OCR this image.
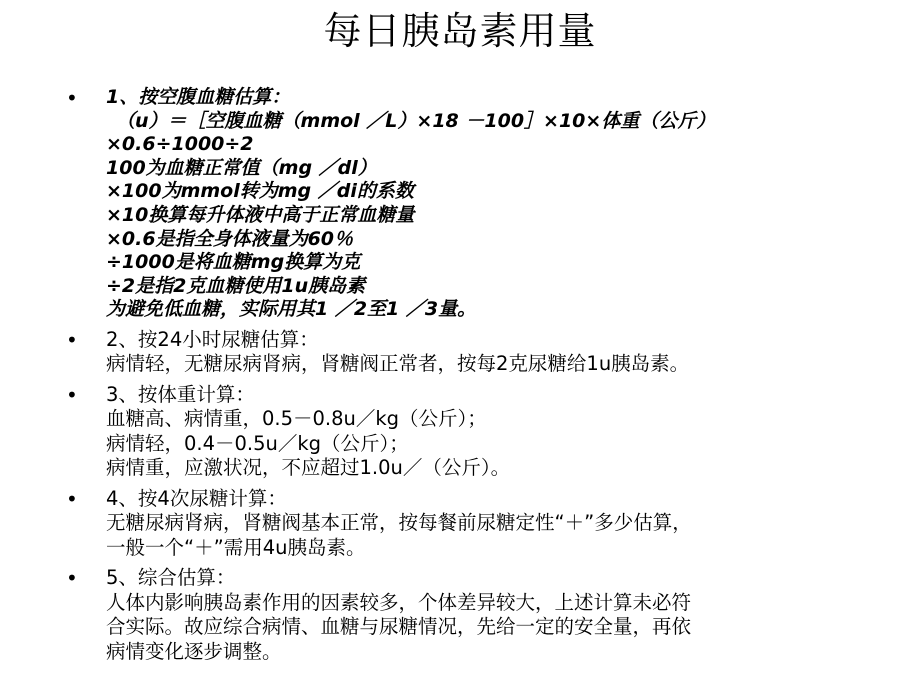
每日胰岛素用量
• 1、按空腹血糖估算：
（u）＝［空腹血糖（mmol ／L）×18 －100］×10×体重（公斤）
×0.6÷1000÷2
100为血糖正常值（mg ／dl）
×100为mmol转为mg ／di的系数
×10换算每升体液中高于正常血糖量
×0.6是指全身体液量为60％
÷1000是将血糖mg换算为克
÷2是指2克血糖使用1u胰岛素
为避免低血糖，实际用其1 ／2至1 ／3量。
• 2、按24小时尿糖估算：
病情轻，无糖尿病肾病，肾糖阀正常者，按每2克尿糖给1u胰岛素。
• 3、按体重计算：
血糖高、病情重，0.5－0.8u／kg（公斤）；
病情轻，0.4－0.5u／kg（公斤）；
病情重，应激状况，不应超过1.0u／（公斤）。
• 4、按4次尿糖计算：
无糖尿病肾病，肾糖阀基本正常，按每餐前尿糖定性“＋”多少估算，
一般一个“＋”需用4u胰岛素。
• 5、综合估算：
人体内影响胰岛素作用的因素较多，个体差异较大，上述计算未必符
合实际。故应综合病情、血糖与尿糖情况，先给一定的安全量，再依
病情变化逐步调整。
